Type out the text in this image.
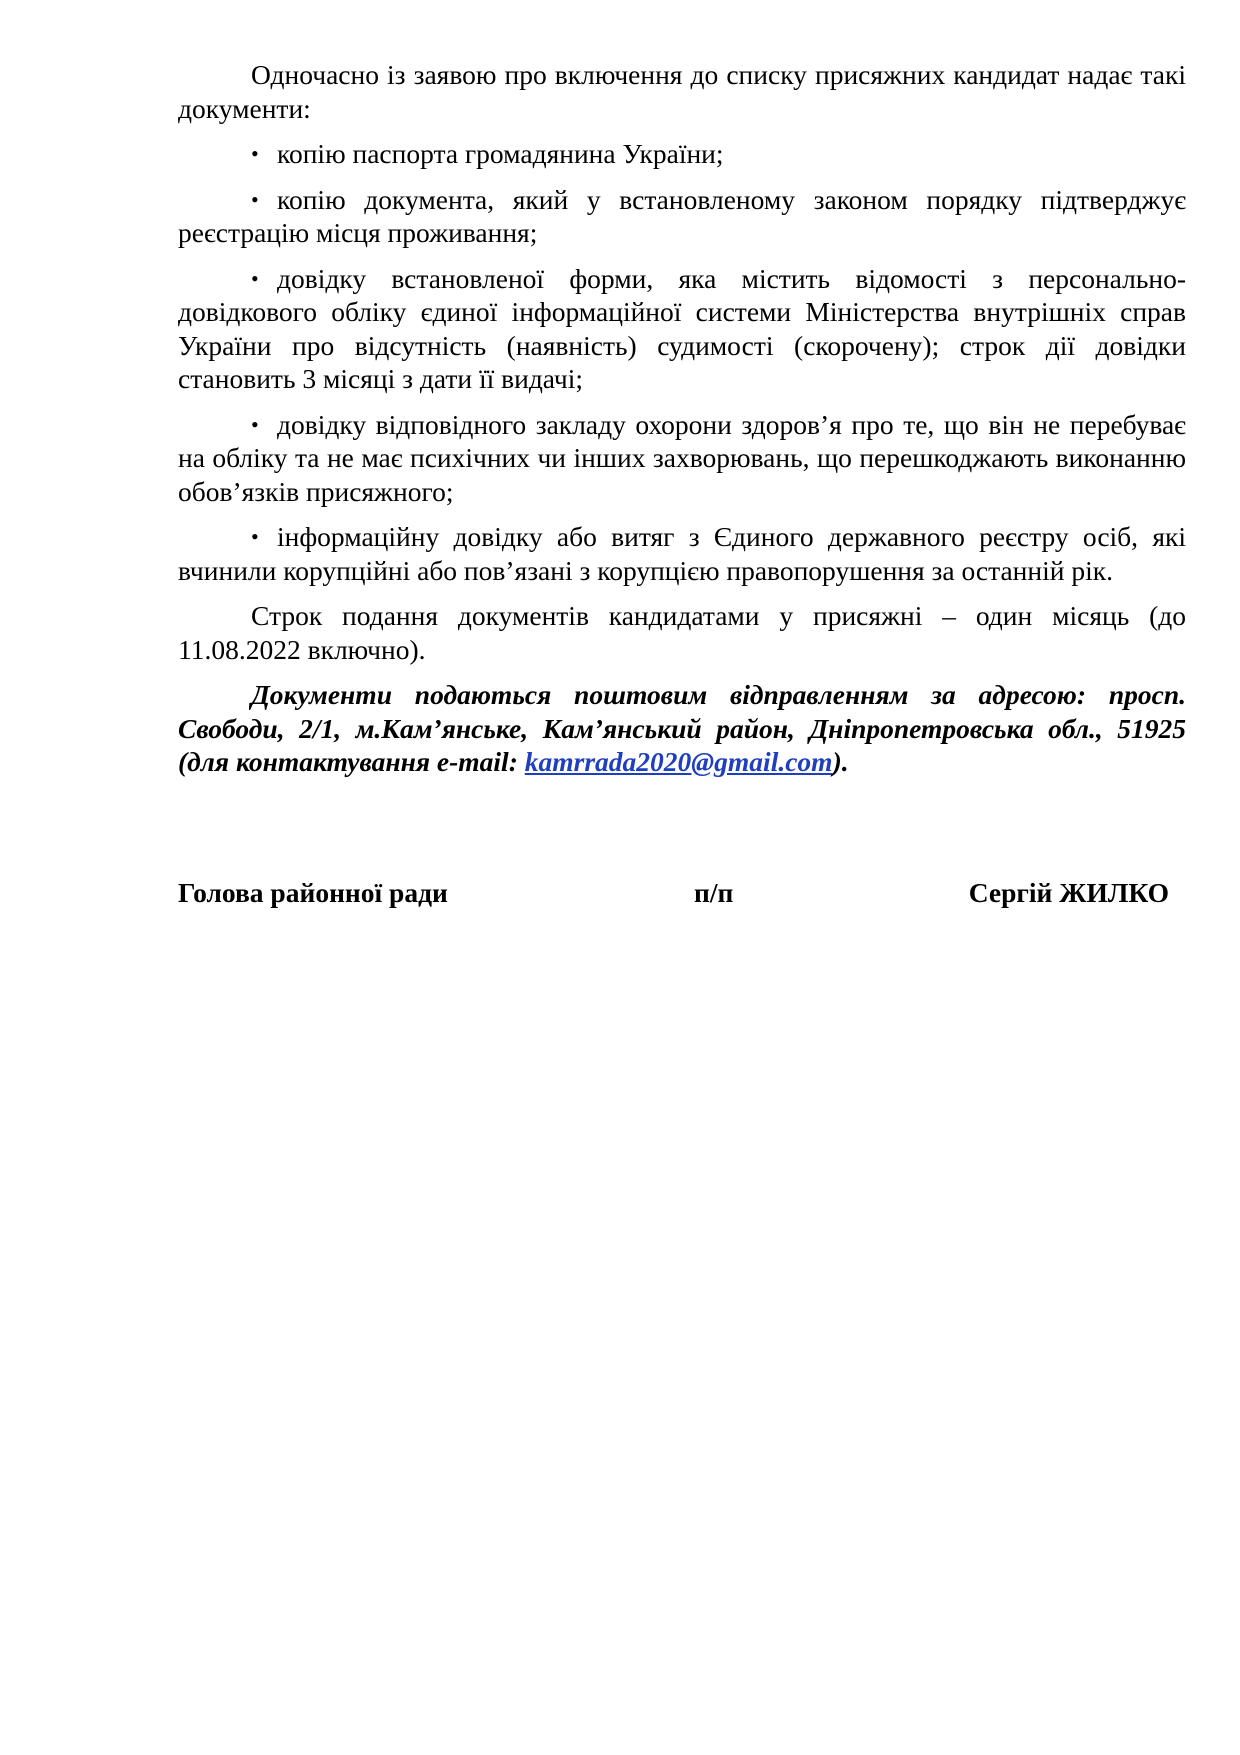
Одночасно із заявою про включення до списку присяжних кандидат надає такі документи:

• копію паспорта громадянина України;

• копію документа, який у встановленому законом порядку підтверджує реєстрацію місця проживання;

• довідку встановленої форми, яка містить відомості з персонально-довідкового обліку єдиної інформаційної системи Міністерства внутрішніх справ України про відсутність (наявність) судимості (скорочену); строк дії довідки становить 3 місяці з дати її видачі;

• довідку відповідного закладу охорони здоров’я про те, що він не перебуває на обліку та не має психічних чи інших захворювань, що перешкоджають виконанню обов’язків присяжного;

• інформаційну довідку або витяг з Єдиного державного реєстру осіб, які вчинили корупційні або пов’язані з корупцією правопорушення за останній рік.

Строк подання документів кандидатами у присяжні – один місяць (до 11.08.2022 включно).

Документи подаються поштовим відправленням за адресою: просп. Свободи, 2/1, м.Кам’янське, Кам’янський район, Дніпропетровська обл., 51925 (для контактування e-mail: kamrrada2020@gmail.com).

Голова районної ради	п/п	Сергій ЖИЛКО
